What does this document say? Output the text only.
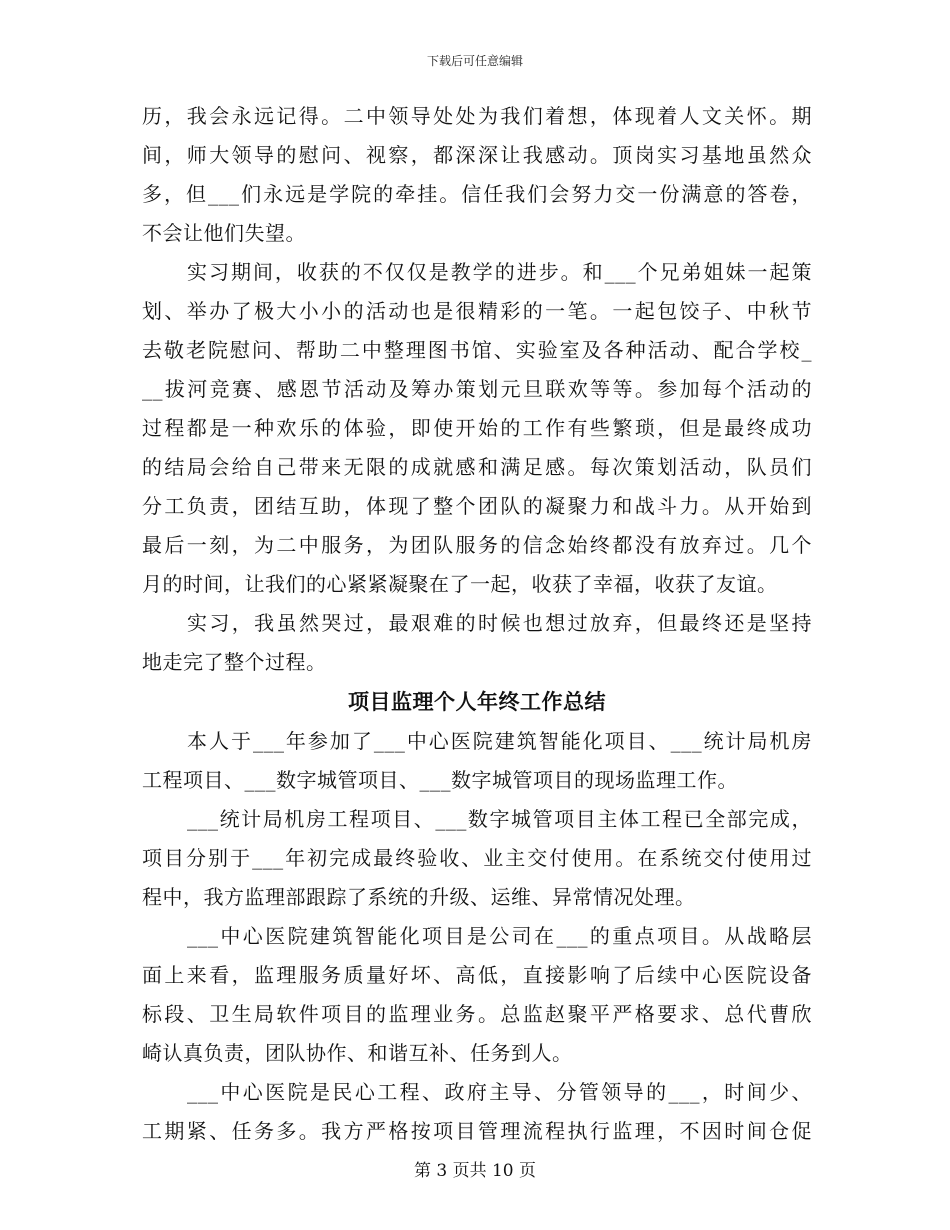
下载后可任意编辑
历，我会永远记得。二中领导处处为我们着想，体现着人文关怀。期
间，师大领导的慰问、视察，都深深让我感动。顶岗实习基地虽然众
多，但___们永远是学院的牵挂。信任我们会努力交一份满意的答卷，
不会让他们失望。
实习期间，收获的不仅仅是教学的进步。和___个兄弟姐妹一起策
划、举办了极大小小的活动也是很精彩的一笔。一起包饺子、中秋节
去敬老院慰问、帮助二中整理图书馆、实验室及各种活动、配合学校_
__拔河竞赛、感恩节活动及筹办策划元旦联欢等等。参加每个活动的
过程都是一种欢乐的体验，即使开始的工作有些繁琐，但是最终成功
的结局会给自己带来无限的成就感和满足感。每次策划活动，队员们
分工负责，团结互助，体现了整个团队的凝聚力和战斗力。从开始到
最后一刻，为二中服务，为团队服务的信念始终都没有放弃过。几个
月的时间，让我们的心紧紧凝聚在了一起，收获了幸福，收获了友谊。
实习，我虽然哭过，最艰难的时候也想过放弃，但最终还是坚持
地走完了整个过程。
项目监理个人年终工作总结
本人于___年参加了___中心医院建筑智能化项目、___统计局机房
工程项目、___数字城管项目、___数字城管项目的现场监理工作。
___统计局机房工程项目、___数字城管项目主体工程已全部完成，
项目分别于___年初完成最终验收、业主交付使用。在系统交付使用过
程中，我方监理部跟踪了系统的升级、运维、异常情况处理。
___中心医院建筑智能化项目是公司在___的重点项目。从战略层
面上来看，监理服务质量好坏、高低，直接影响了后续中心医院设备
标段、卫生局软件项目的监理业务。总监赵聚平严格要求、总代曹欣
崎认真负责，团队协作、和谐互补、任务到人。
___中心医院是民心工程、政府主导、分管领导的___，时间少、
工期紧、任务多。我方严格按项目管理流程执行监理，不因时间仓促
第 3 页共 10 页
